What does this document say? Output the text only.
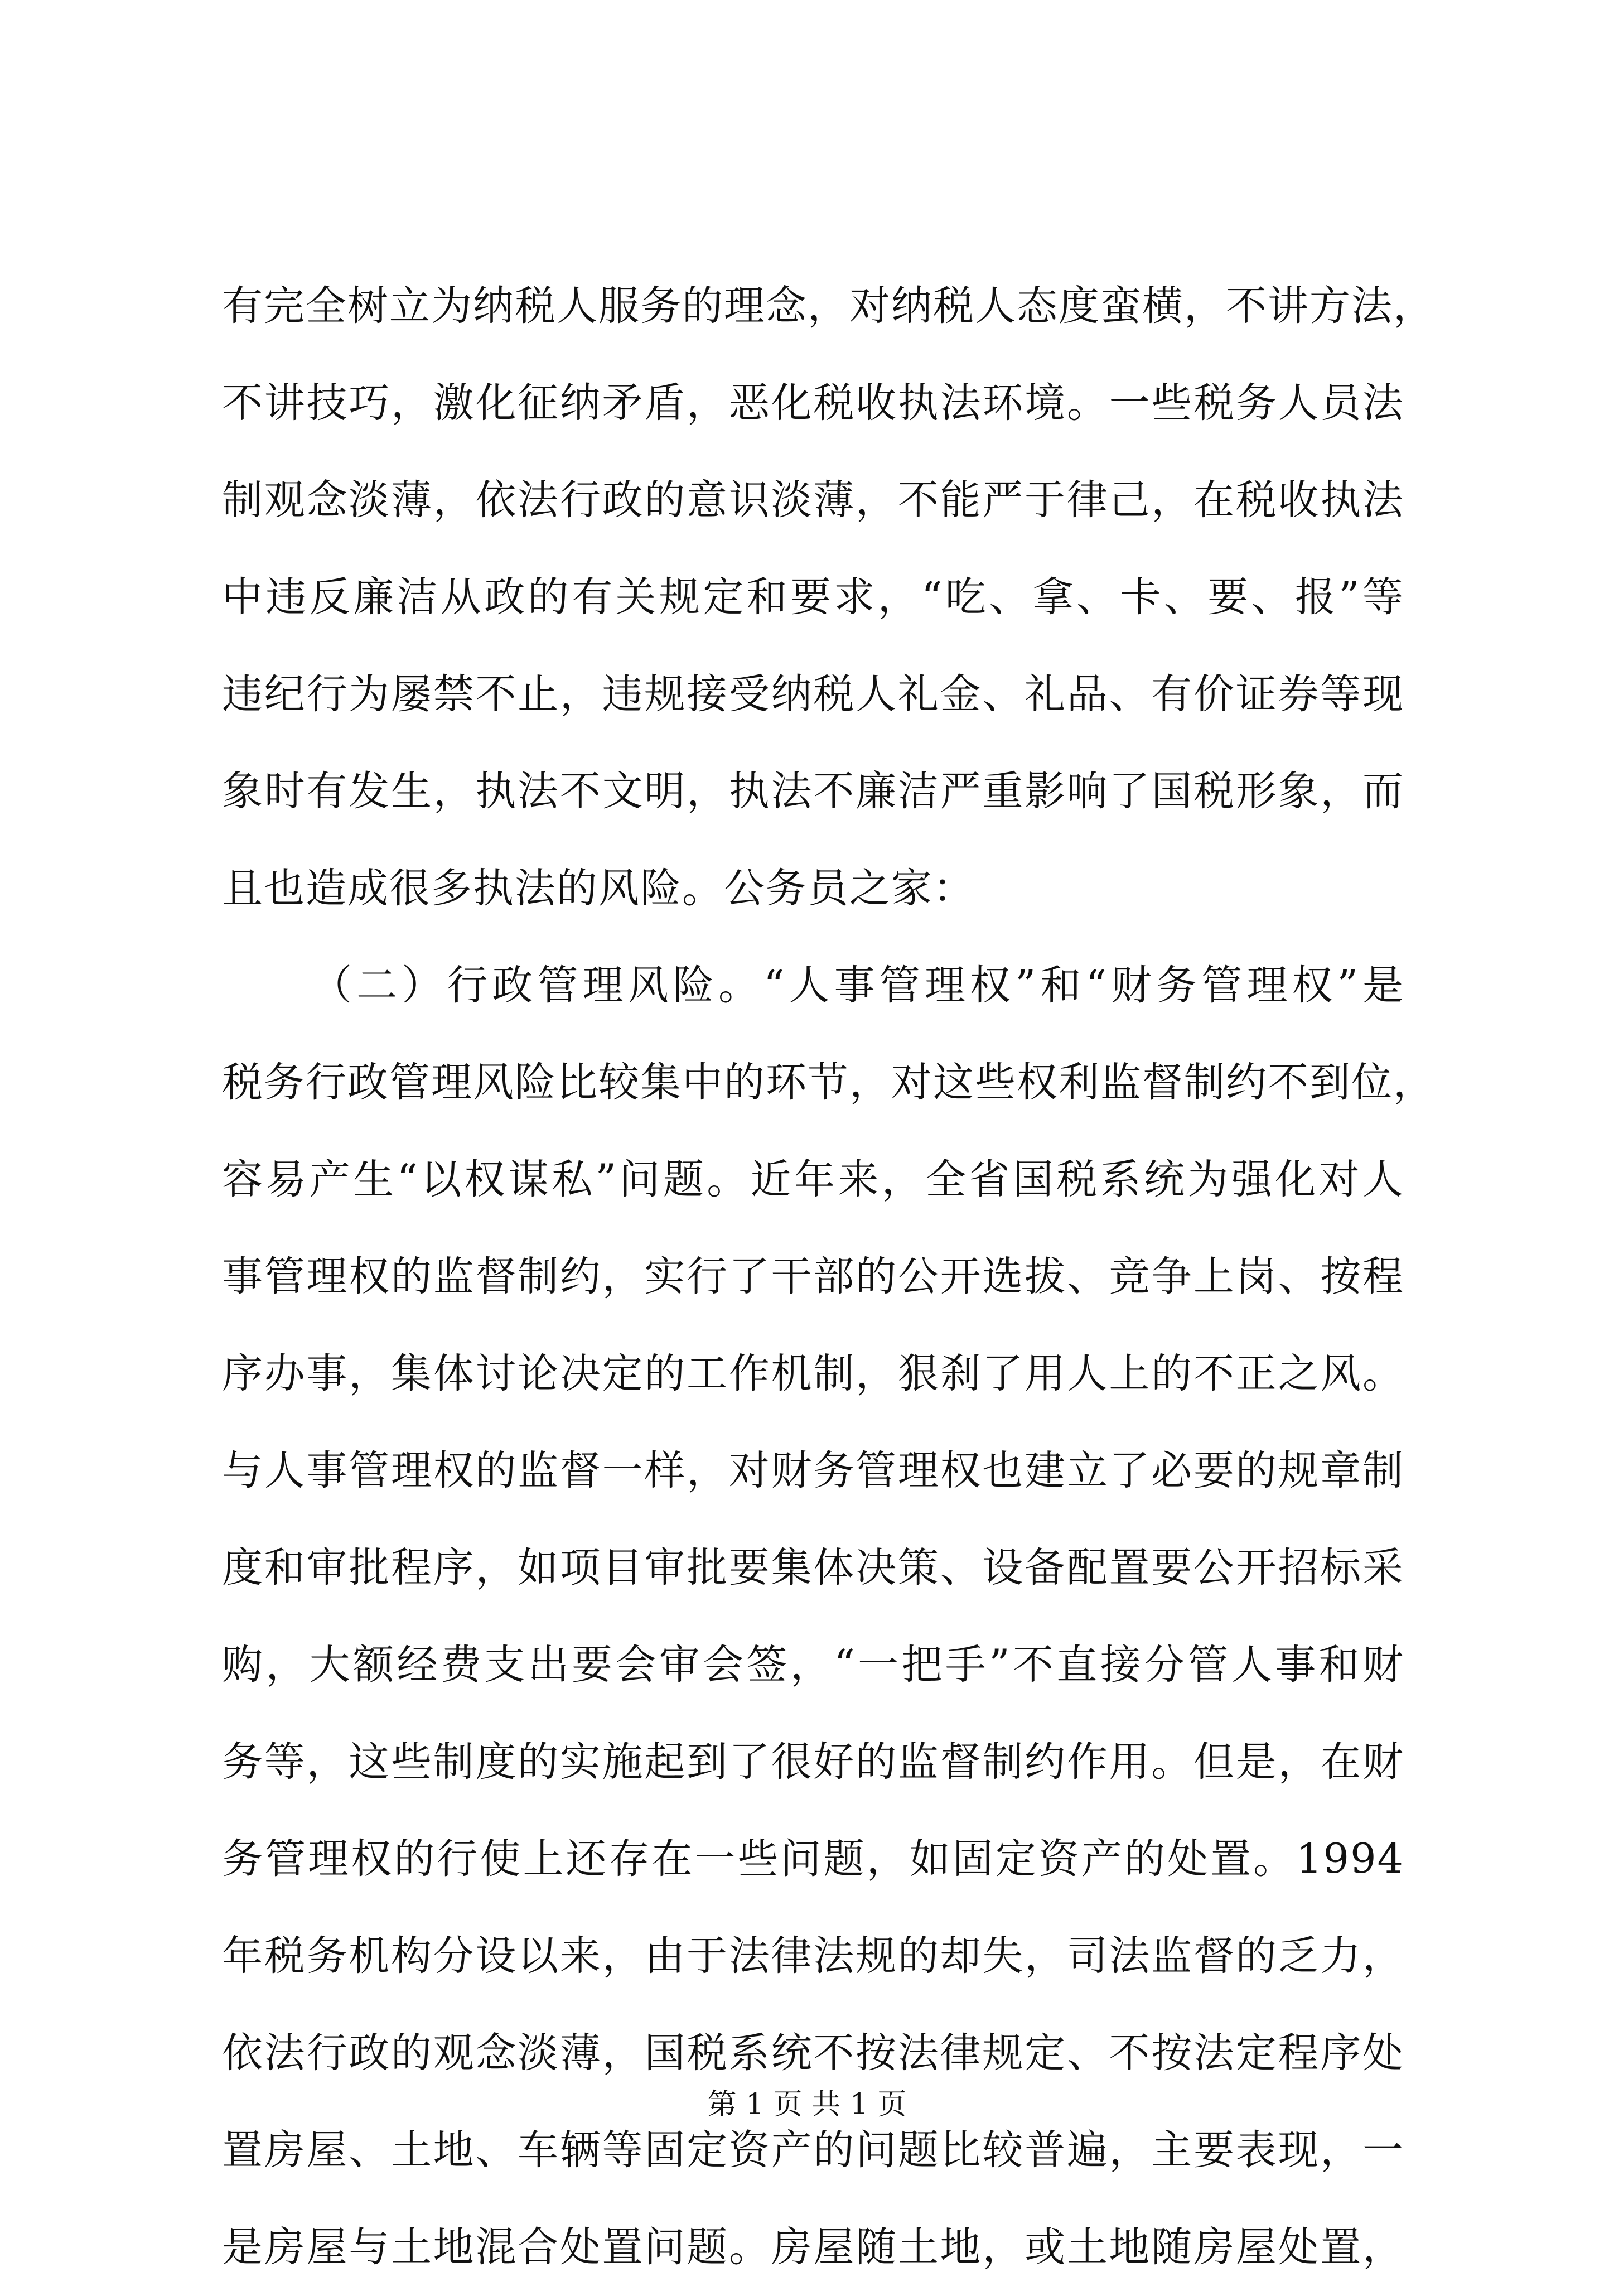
有完全树立为纳税人服务的理念，对纳税人态度蛮横，不讲方法，
不讲技巧，激化征纳矛盾，恶化税收执法环境。一些税务人员法
制观念淡薄，依法行政的意识淡薄，不能严于律己，在税收执法
中违反廉洁从政的有关规定和要求，“吃、拿、卡、要、报”等
违纪行为屡禁不止，违规接受纳税人礼金、礼品、有价证券等现
象时有发生，执法不文明，执法不廉洁严重影响了国税形象，而
且也造成很多执法的风险。公务员之家：
（二）行政管理风险。“人事管理权”和“财务管理权”是
税务行政管理风险比较集中的环节，对这些权利监督制约不到位，
容易产生“以权谋私”问题。近年来，全省国税系统为强化对人
事管理权的监督制约，实行了干部的公开选拔、竞争上岗、按程
序办事，集体讨论决定的工作机制，狠刹了用人上的不正之风。
与人事管理权的监督一样，对财务管理权也建立了必要的规章制
度和审批程序，如项目审批要集体决策、设备配置要公开招标采
购，大额经费支出要会审会签，“一把手”不直接分管人事和财
务等，这些制度的实施起到了很好的监督制约作用。但是，在财
务管理权的行使上还存在一些问题，如固定资产的处置。1994
年税务机构分设以来，由于法律法规的却失，司法监督的乏力，
依法行政的观念淡薄，国税系统不按法律规定、不按法定程序处
置房屋、土地、车辆等固定资产的问题比较普遍，主要表现，一
是房屋与土地混合处置问题。房屋随土地，或土地随房屋处置，
第 1 页 共 1 页
